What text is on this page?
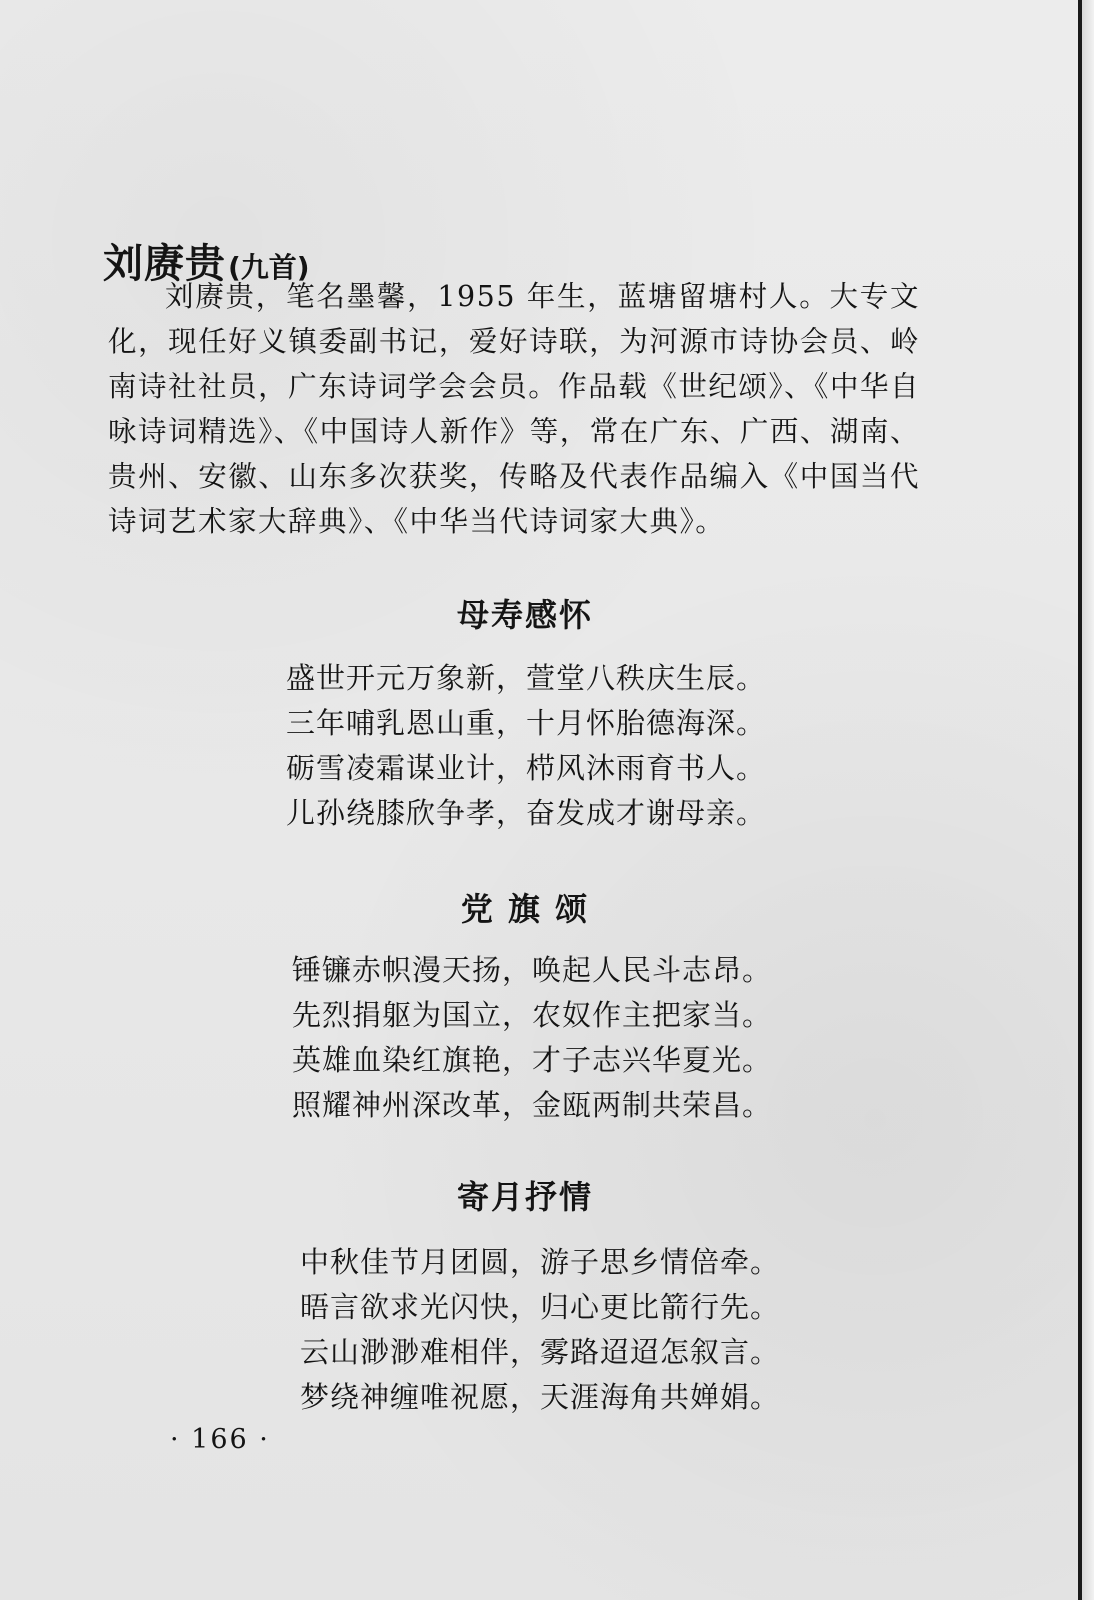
刘赓贵(九首)
刘赓贵，笔名墨馨，1955 年生，蓝塘留塘村人。大专文化，现任好义镇委副书记，爱好诗联，为河源市诗协会员、岭南诗社社员，广东诗词学会会员。作品载《世纪颂》、《中华自咏诗词精选》、《中国诗人新作》等，常在广东、广西、湖南、贵州、安徽、山东多次获奖，传略及代表作品编入《中国当代诗词艺术家大辞典》、《中华当代诗词家大典》。
母寿感怀
盛世开元万象新，萱堂八秩庆生辰。
三年哺乳恩山重，十月怀胎德海深。
砺雪凌霜谋业计，栉风沐雨育书人。
儿孙绕膝欣争孝，奋发成才谢母亲。
党 旗 颂
锤镰赤帜漫天扬，唤起人民斗志昂。
先烈捐躯为国立，农奴作主把家当。
英雄血染红旗艳，才子志兴华夏光。
照耀神州深改革，金瓯两制共荣昌。
寄月抒情
中秋佳节月团圆，游子思乡情倍牵。
晤言欲求光闪快，归心更比箭行先。
云山渺渺难相伴，雾路迢迢怎叙言。
梦绕神缠唯祝愿，天涯海角共婵娟。
· 166 ·
